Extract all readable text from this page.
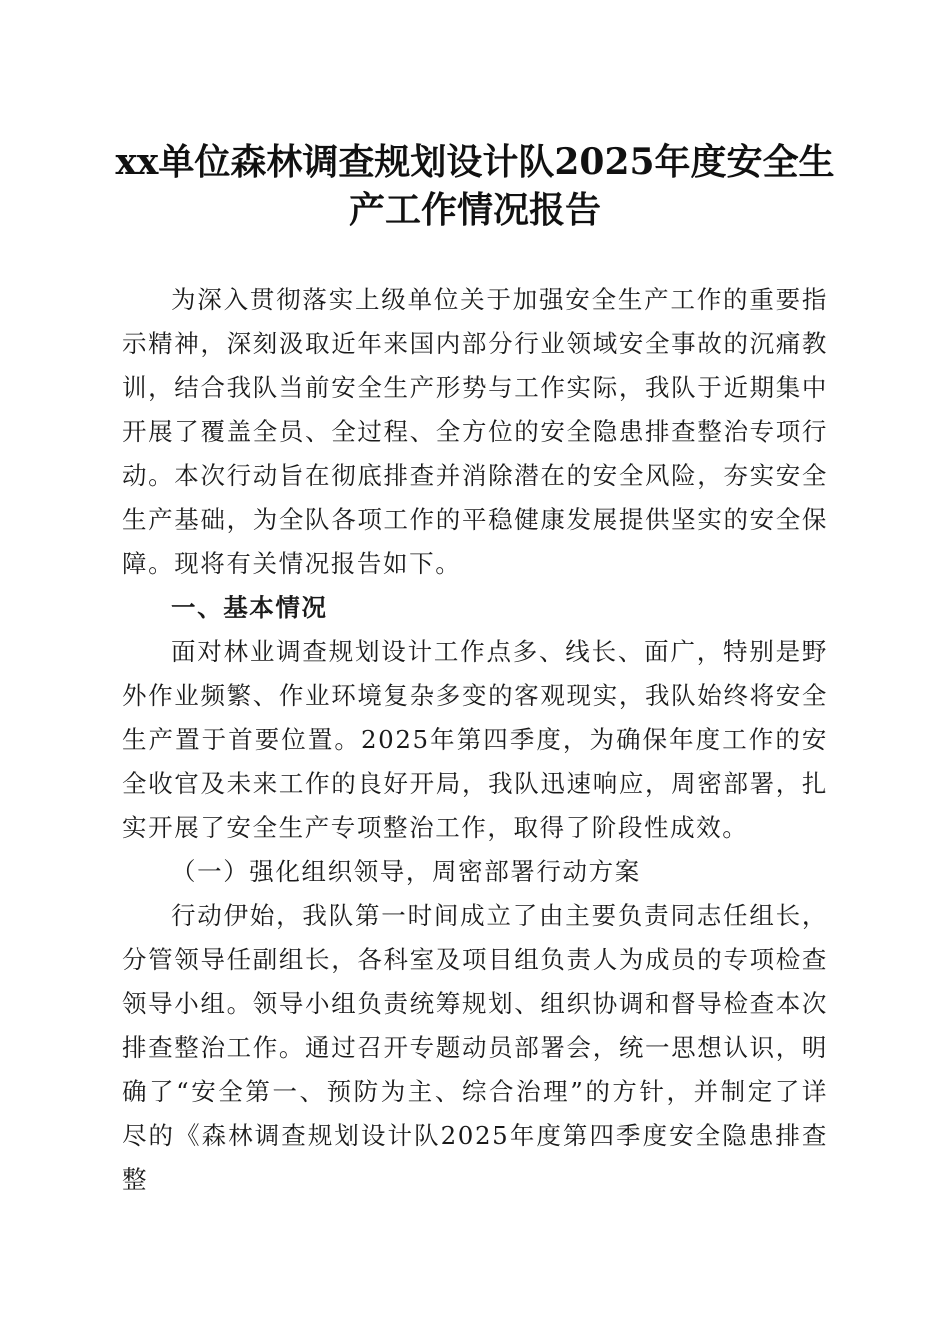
xx单位森林调查规划设计队2025年度安全生产工作情况报告

为深入贯彻落实上级单位关于加强安全生产工作的重要指示精神，深刻汲取近年来国内部分行业领域安全事故的沉痛教训，结合我队当前安全生产形势与工作实际，我队于近期集中开展了覆盖全员、全过程、全方位的安全隐患排查整治专项行动。本次行动旨在彻底排查并消除潜在的安全风险，夯实安全生产基础，为全队各项工作的平稳健康发展提供坚实的安全保障。现将有关情况报告如下。

一、基本情况

面对林业调查规划设计工作点多、线长、面广，特别是野外作业频繁、作业环境复杂多变的客观现实，我队始终将安全生产置于首要位置。2025年第四季度，为确保年度工作的安全收官及未来工作的良好开局，我队迅速响应，周密部署，扎实开展了安全生产专项整治工作，取得了阶段性成效。

（一）强化组织领导，周密部署行动方案

行动伊始，我队第一时间成立了由主要负责同志任组长，分管领导任副组长，各科室及项目组负责人为成员的专项检查领导小组。领导小组负责统筹规划、组织协调和督导检查本次排查整治工作。通过召开专题动员部署会，统一思想认识，明确了“安全第一、预防为主、综合治理”的方针，并制定了详尽的《森林调查规划设计队2025年度第四季度安全隐患排查整
